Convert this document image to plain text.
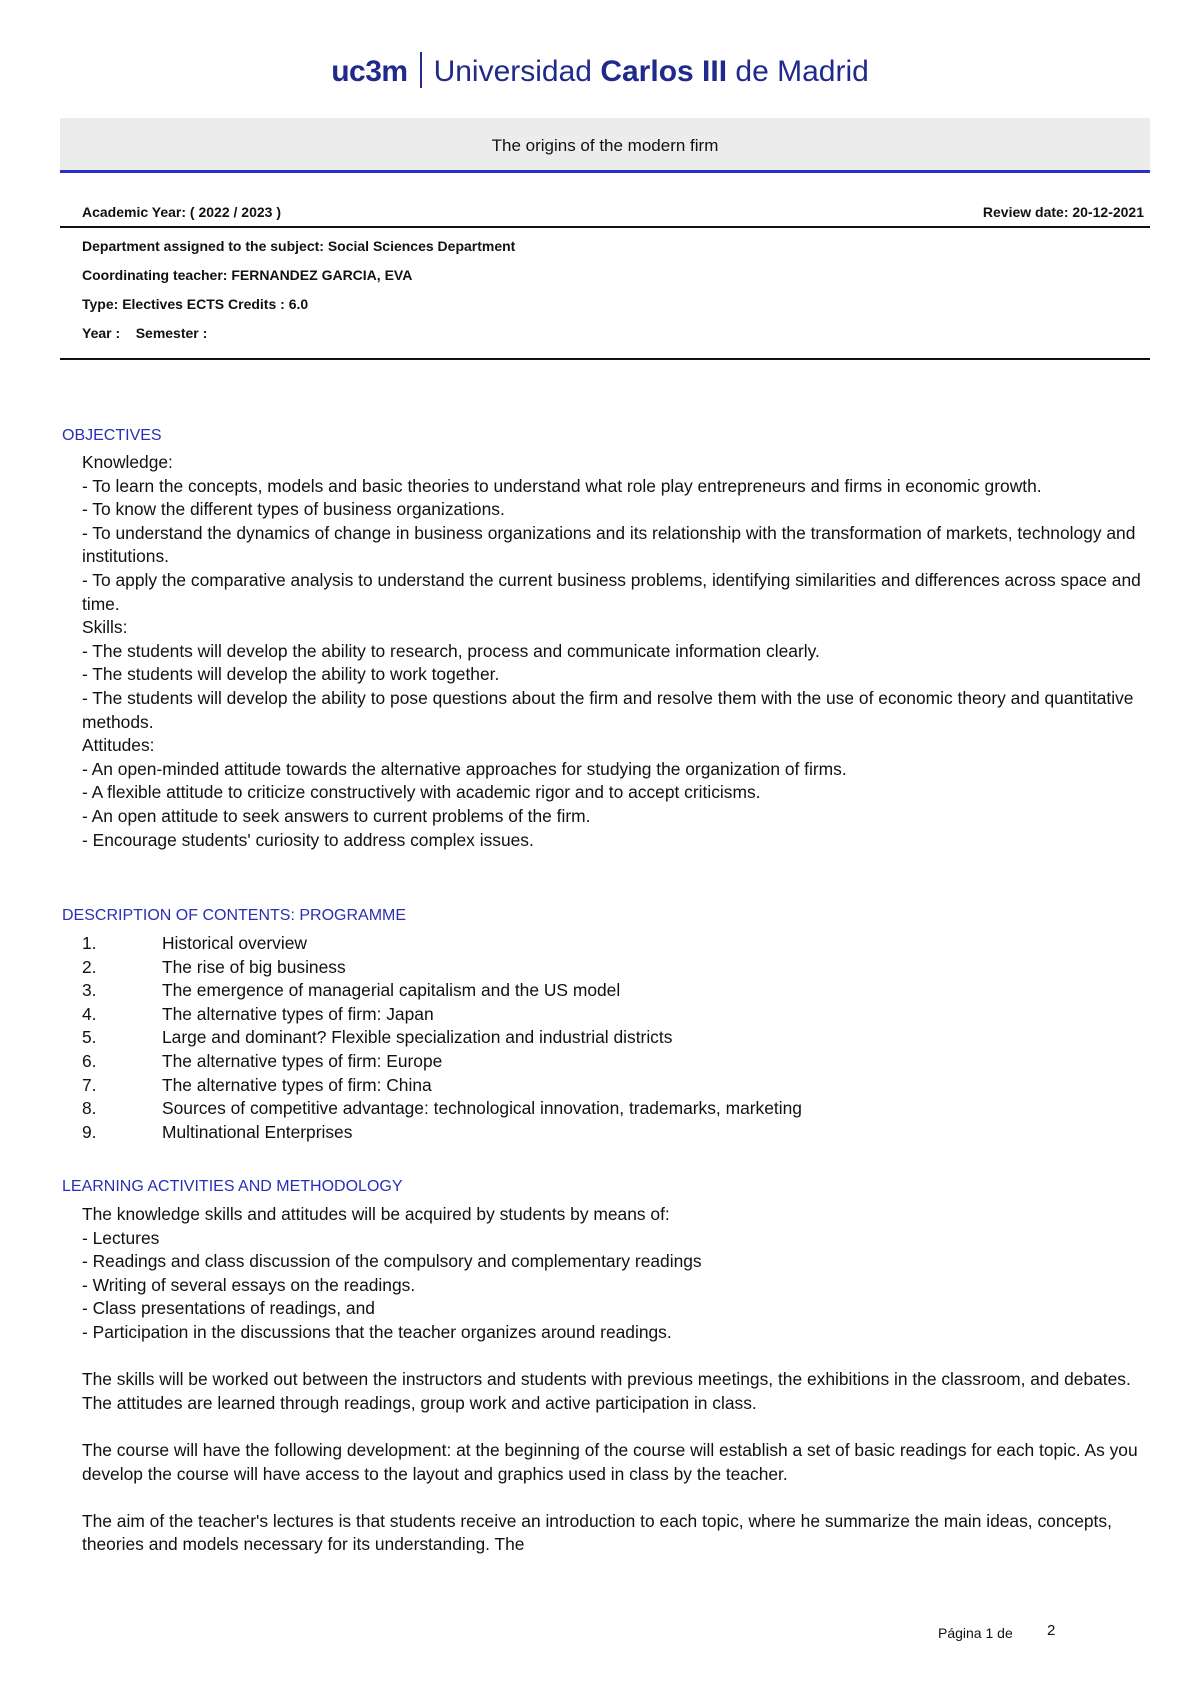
uc3m Universidad Carlos III de Madrid
The origins of the modern firm
Academic Year: ( 2022 / 2023 )	Review date: 20-12-2021
Department assigned to the subject: Social Sciences Department
Coordinating teacher: FERNANDEZ GARCIA, EVA
Type: Electives ECTS Credits : 6.0
Year :    Semester :
OBJECTIVES

Knowledge:

- To learn the concepts, models and basic theories to understand what role play entrepreneurs and firms in economic growth.

- To know the different types of business organizations.

- To understand the dynamics of change in business organizations and its relationship with the transformation of markets, technology and institutions.

- To apply the comparative analysis to understand the current business problems, identifying similarities and differences across space and time.

Skills:

- The students will develop the ability to research, process and communicate information clearly.

- The students will develop the ability to work together.

- The students will develop the ability to pose questions about the firm and resolve them with the use of economic theory and quantitative methods.

Attitudes:

- An open-minded attitude towards the alternative approaches for studying the organization of firms.

- A flexible attitude to criticize constructively with academic rigor and to accept criticisms.

- An open attitude to seek answers to current problems of the firm.

- Encourage students' curiosity to address complex issues.

DESCRIPTION OF CONTENTS: PROGRAMME
1.	Historical overview
2.	The rise of big business
3.	The emergence of managerial capitalism and the US model
4.	The alternative types of firm: Japan
5.	Large and dominant? Flexible specialization and industrial districts
6.	The alternative types of firm: Europe
7.	The alternative types of firm: China
8.	Sources of competitive advantage: technological innovation, trademarks, marketing
9.	Multinational Enterprises
LEARNING ACTIVITIES AND METHODOLOGY

The knowledge skills and attitudes will be acquired by students by means of:

- Lectures

- Readings and class discussion of the compulsory and complementary readings

- Writing of several essays on the readings.

- Class presentations of readings, and

- Participation in the discussions that the teacher organizes around readings.

The skills will be worked out between the instructors and students with previous meetings, the exhibitions in the classroom, and debates. The attitudes are learned through readings, group work and active participation in class.

The course will have the following development: at the beginning of the course will establish a set of basic readings for each topic. As you develop the course will have access to the layout and graphics used in class by the teacher.

The aim of the teacher's lectures is that students receive an introduction to each topic, where he summarize the main ideas, concepts, theories and models necessary for its understanding. The

Página 1 de 2
